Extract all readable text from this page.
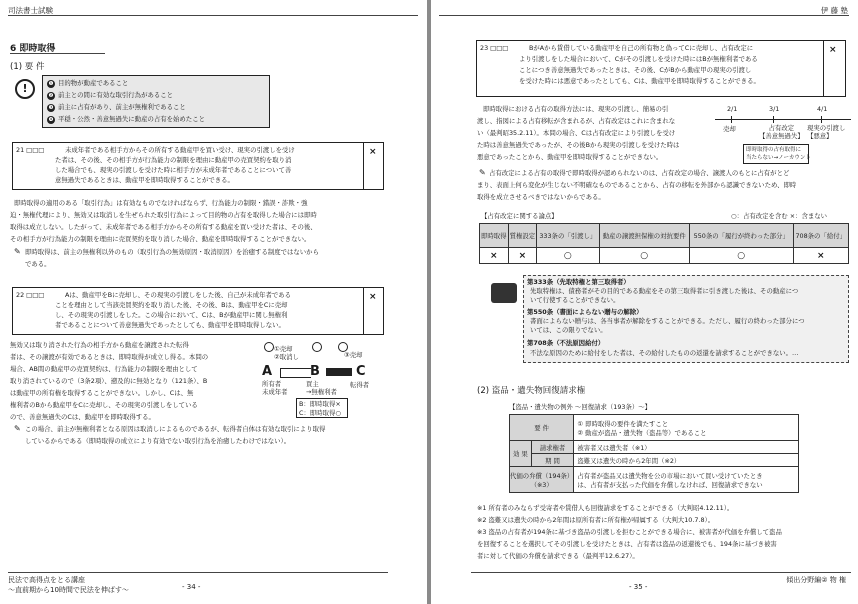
司法書士試験
6 即時取得
(1) 要 件
!	❶ 目的物が動産であること
❷ 前主との間に有効な取引行為があること
❸ 前主に占有があり、前主が無権利であること
❹ 平穏・公然・善意無過失に動産の占有を始めたこと
21 □□□	×
未成年者である相手方からその所有する動産甲を買い受け、現実の引渡しを受け
た者は、その後、その相手方が行為能力の制限を理由に動産甲の売買契約を取り消
した場合でも、現実の引渡しを受けた時に相手方が未成年者であることについて善
意無過失であるときは、動産甲を即時取得することができる。
即時取得の適用のある「取引行為」は有効なものでなければならず、行為能力の制限・錯誤・詐欺・強
迫・無権代理により、無効又は取消しを生ぜられた取引行為によって目的物の占有を取得した場合には即時
取得は成立しない。したがって、未成年者である相手方からその所有する動産を買い受けた者は、その後、
その相手方が行為能力の制限を理由に売買契約を取り消した場合、動産を即時取得することができない。
✎ 即時取得は、前主の無権利以外のもの（取引行為の無効原因・取消原因）を治癒する制度ではないから
である。
22 □□□	×
Aは、動産甲をBに売却し、その現実の引渡しをした後、自己が未成年者である
ことを理由として当該売買契約を取り消した後、その後、Bは、動産甲をCに売却
し、その現実の引渡しをした。この場合において、Cは、Bが動産甲に関し無権利
者であることについて善意無過失であったとしても、動産甲を即時取得しない。
無効又は取り消された行為の相手方から動産を譲渡された転得
者は、その譲渡が有効であるときは、即時取得が成立し得る。本問の
場合、AB間の動産甲の売買契約は、行為能力の制限を理由として
取り消されているので（3条2項）、遡及的に無効となり（121条）、B
は動産甲の所有権を取得することができない。しかし、Cは、無
権利者のBから動産甲をCに売却し、その現実の引渡しをしている
ので、善意無過失のCは、動産甲を即時取得する。
①売却
②取消し	③売却
A	B	C
所有者
未成年者
買主
→無権利者
転得者
B：即時取得×
C：即時取得○
✎ この場合、前主が無権利者となる原因は取消しによるものであるが、転得者自体は有効な取引により取得
しているからである（即時取得の成立により有効でない取引行為を治癒したわけではない）。
民法で高得点をとる講座
～直前期から10時間で民法を伸ばす～	- 34 -
伊 藤 塾
23 □□□	×
BがAから賃借している動産甲を自己の所有物と偽ってCに売却し、占有改定に
より引渡しをした場合において、Cがその引渡しを受けた時にはBが無権利者である
ことにつき善意無過失であったときは、その後、CがBから動産甲の現実の引渡し
を受けた時には悪意であったとしても、Cは、動産甲を即時取得することができる。
即時取得における占有の取得方法には、現実の引渡し、簡易の引
渡し、指図による占有移転が含まれるが、占有改定はこれに含まれな
い（最判昭35.2.11）。本問の場合、Cは占有改定により引渡しを受け
た時は善意無過失であったが、その後Bから現実の引渡しを受けた時は
悪意であったことから、動産甲を即時取得することができない。
2/1	3/1	4/1
売却	占有改定
【善意無過失】
現実の引渡し
【悪意】
即時取得の占有取得に
当たらない→ノーカウント
✎ 占有改定による占有の取得で即時取得が認められないのは、占有改定の場合、譲渡人のもとに占有がとど
まり、表面上何ら変化が生じない不明確なものであることから、占有の移転を外部から認識できないため、即時
取得を成立させるべきではないからである。
【占有改定に関する論点】	○：占有改定を含む ×：含まない
即時取得	質権設定	333条の「引渡し」	動産の譲渡担保権の対抗要件	550条の「履行が終わった部分」	708条の「給付」
×	×	○	○	○	×
第333条（先取特権と第三取得者）
先取特権は、債務者がその目的である動産をその第三取得者に引き渡した後は、その動産につ
いて行使することができない。
第550条（書面によらない贈与の解除）
書面によらない贈与は、各当事者が解除をすることができる。ただし、履行の終わった部分につ
いては、この限りでない。
第708条（不法原因給付）
不法な原因のために給付をした者は、その給付したものの返還を請求することができない。…
(2) 盗品・遺失物回復請求権
【盗品・遺失物の例外 ～回復請求（193条）～】
要 件		① 即時取得の要件を満たすこと
② 動産が盗品・遺失物（盗品等）であること

効 果	請求権者	被害者又は遺失者（※1）
	期 間	盗難又は遺失の時から2年間（※2）
代価の弁償（194条）
（※3）		占有者が盗品又は遺失物を公の市場において買い受けていたとき
は、占有者が支払った代価を弁償しなければ、回復請求できない
※1 所有者のみならず受寄者や賃借人も回復請求をすることができる（大判昭4.12.11）。
※2 盗難又は遺失の時から2年間は原所有者に所有権が帰属する（大判大10.7.8）。
※3 盗品の占有者が194条に基づき盗品の引渡しを拒むことができる場合に、被害者が代価を弁償して盗品
を回復することを選択してその引渡しを受けたときは、占有者は盗品の返還後でも、194条に基づき被害
者に対して代価の弁償を請求できる（最判平12.6.27）。
- 35 -
傾出分野編② 物 権
